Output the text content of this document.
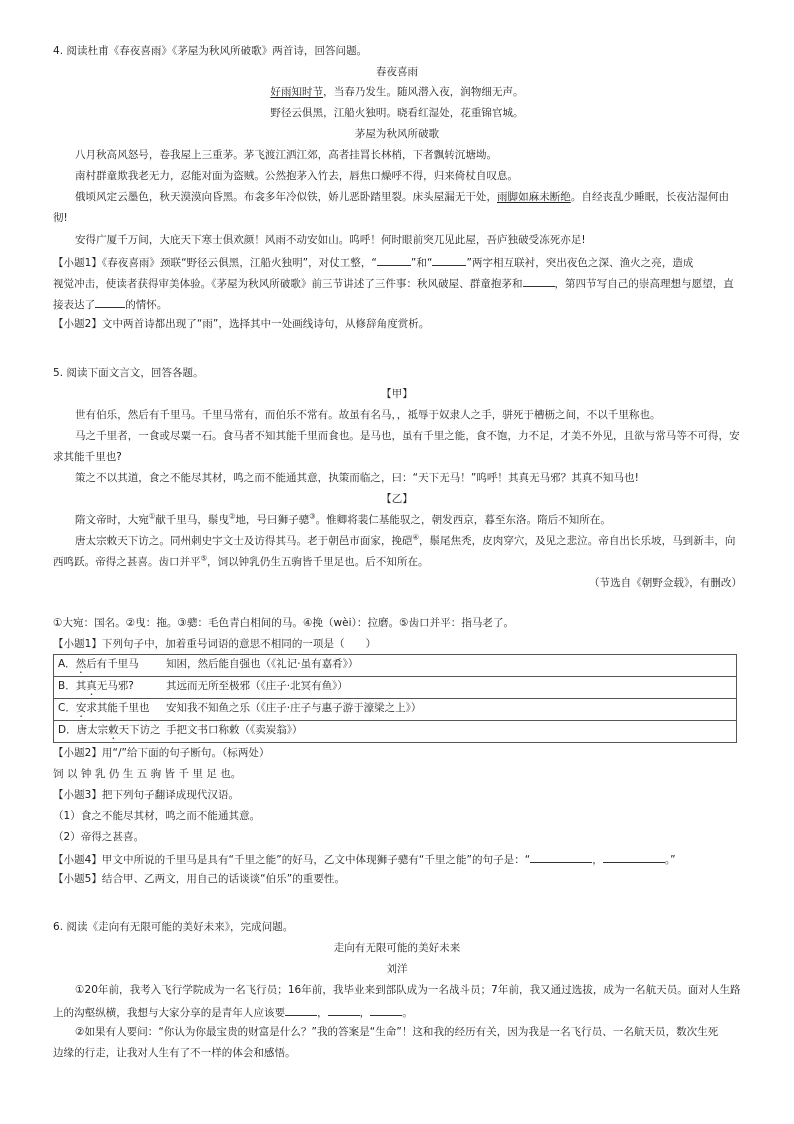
4. 阅读杜甫《春夜喜雨》《茅屋为秋风所破歌》两首诗，回答问题。
春夜喜雨
好雨知时节，当春乃发生。随风潜入夜，润物细无声。
野径云俱黑，江船火独明。晓看红湿处，花重锦官城。
茅屋为秋风所破歌
八月秋高风怒号，卷我屋上三重茅。茅飞渡江洒江郊，高者挂罥长林梢，下者飘转沉塘坳。
南村群童欺我老无力，忍能对面为盗贼。公然抱茅入竹去，唇焦口燥呼不得，归来倚杖自叹息。
俄顷风定云墨色，秋天漠漠向昏黑。布衾多年冷似铁，娇儿恶卧踏里裂。床头屋漏无干处，雨脚如麻未断绝。自经丧乱少睡眠，长夜沾湿何由
彻!
安得广厦千万间，大庇天下寒士俱欢颜！风雨不动安如山。呜呼！何时眼前突兀见此屋，吾庐独破受冻死亦足!
【小题1】《春夜喜雨》颈联“野径云俱黑，江船火独明”，对仗工整，“	”和“	”两字相互联衬，突出夜色之深、渔火之亮，造成
视觉冲击，使读者获得审美体验。《茅屋为秋风所破歌》前三节讲述了三件事：秋风破屋、群童抱茅和	，第四节写自己的崇高理想与愿望，直
接表达了	的情怀。
【小题2】文中两首诗都出现了“雨”，选择其中一处画线诗句，从修辞角度赏析。
5. 阅读下面文言文，回答各题。
【甲】
世有伯乐，然后有千里马。千里马常有，而伯乐不常有。故虽有名马，，祗辱于奴隶人之手，骈死于槽枥之间，不以千里称也。
马之千里者，一食或尽粟一石。食马者不知其能千里而食也。是马也，虽有千里之能，食不饱，力不足，才美不外见，且欲与常马等不可得，安
求其能千里也?
策之不以其道，食之不能尽其材，鸣之而不能通其意，执策而临之，曰：“天下无马！”呜呼！其真无马邪？其真不知马也!
【乙】
隋文帝时，大宛①献千里马，鬃曳②地，号曰狮子骢③。惟卿将裴仁基能驭之，朝发西京，暮至东洛。隋后不知所在。
唐太宗敕天下访之。同州刺史宇文士及访得其马。老于朝邑市面家，挽硙④，鬃尾焦秃，皮肉穿穴，及见之悲泣。帝自出长乐坡，马到新丰，向
西鸣跃。帝得之甚喜。齿口并平⑤，饲以钟乳仍生五驹皆千里足也。后不知所在。
（节选自《朝野佥载》，有删改）
①大宛：国名。②曳：拖。③骢：毛色青白相间的马。④挽（wèi）：拉磨。⑤齿口并平：指马老了。
【小题1】下列句子中，加着重号词语的意思不相同的一项是（　　）
A．然后有千里马	知困，然后能自强也（《礼记·虽有嘉肴》）
B．其真无马邪?	其远而无所至极邪（《庄子·北冥有鱼》）
C．安求其能千里也 安知我不知鱼之乐（《庄子·庄子与惠子游于濠梁之上》）
D．唐太宗敕天下访之 手把文书口称敕（《卖炭翁》）
【小题2】用“/”给下面的句子断句。（标两处）
饲 以 钟 乳 仍 生 五 驹 皆 千 里 足 也。
【小题3】把下列句子翻译成现代汉语。
（1）食之不能尽其材，鸣之而不能通其意。
（2）帝得之甚喜。
【小题4】甲文中所说的千里马是具有“千里之能”的好马，乙文中体现狮子骢有“千里之能”的句子是：“	，	。”
【小题5】结合甲、乙两文，用自己的话谈谈“伯乐”的重要性。
6. 阅读《走向有无限可能的美好未来》，完成问题。
走向有无限可能的美好未来
刘洋
①20年前，我考入飞行学院成为一名飞行员；16年前，我毕业来到部队成为一名战斗员；7年前，我又通过选拔，成为一名航天员。面对人生路
上的沟壑纵横，我想与大家分享的是青年人应该要	，	，	。
②如果有人要问：“你认为你最宝贵的财富是什么？”我的答案是“生命”！这和我的经历有关，因为我是一名飞行员、一名航天员，数次生死
边缘的行走，让我对人生有了不一样的体会和感悟。
